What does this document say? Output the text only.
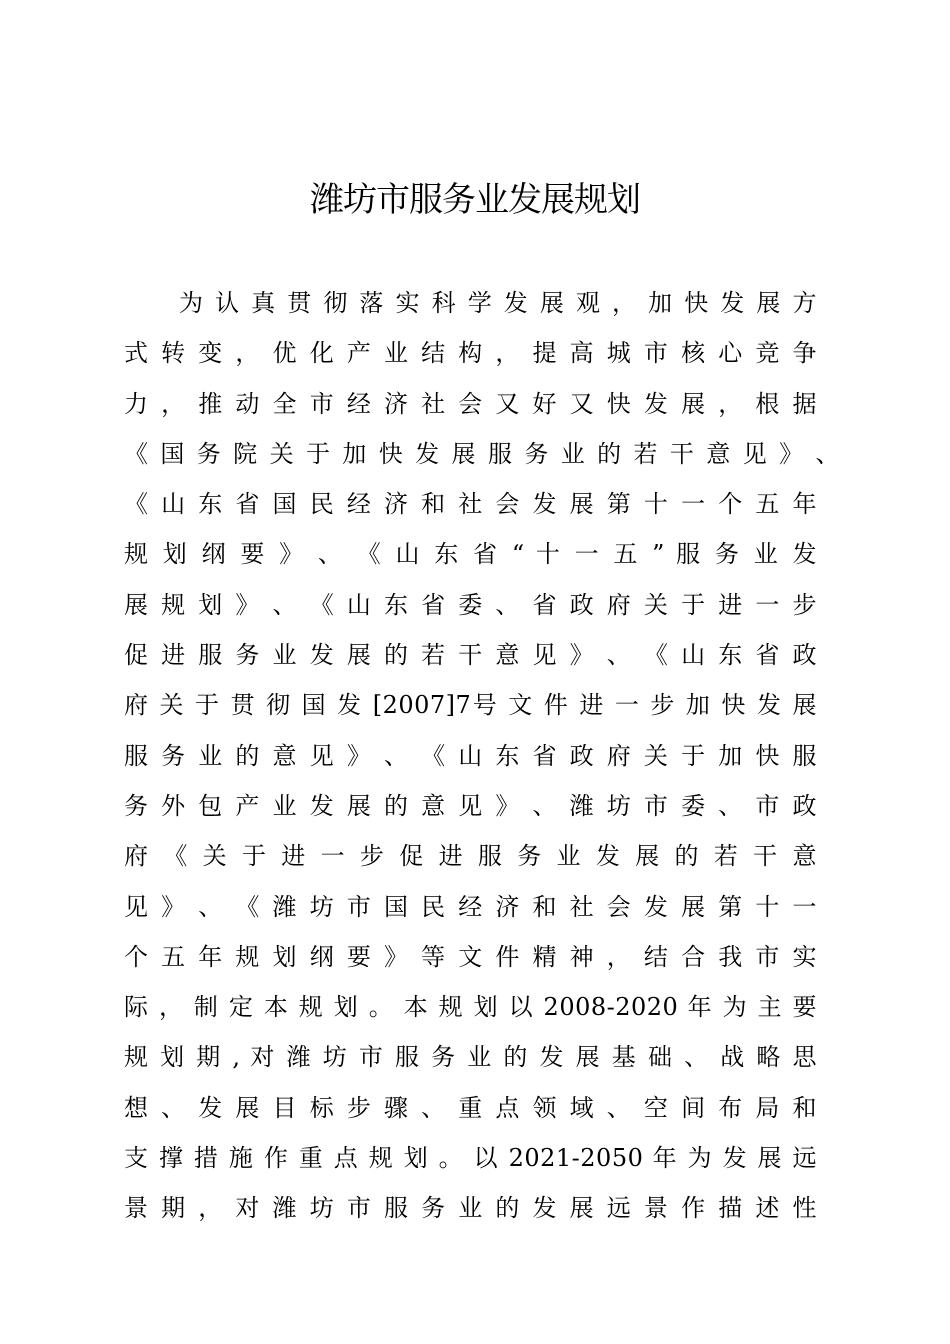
潍坊市服务业发展规划
为 认 真 贯 彻 落 实 科 学 发 展 观 ， 加 快 发 展 方
式 转 变 ， 优 化 产 业 结 构 ， 提 高 城 市 核 心 竞 争
力 ， 推 动 全 市 经 济 社 会 又 好 又 快 发 展 ， 根 据
《 国 务 院 关 于 加 快 发 展 服 务 业 的 若 干 意 见 》 、
《 山 东 省 国 民 经 济 和 社 会 发 展 第 十 一 个 五 年
规 划 纲 要 》 、 《 山 东 省 “ 十 一 五 ” 服 务 业 发
展 规 划 》 、 《 山 东 省 委 、 省 政 府 关 于 进 一 步
促 进 服 务 业 发 展 的 若 干 意 见 》 、 《 山 东 省 政
府 关 于 贯 彻 国 发 [2007]7号 文 件 进 一 步 加 快 发 展
服 务 业 的 意 见 》 、 《 山 东 省 政 府 关 于 加 快 服
务 外 包 产 业 发 展 的 意 见 》 、 潍 坊 市 委 、 市 政
府 《 关 于 进 一 步 促 进 服 务 业 发 展 的 若 干 意
见 》 、 《 潍 坊 市 国 民 经 济 和 社 会 发 展 第 十 一
个 五 年 规 划 纲 要 》 等 文 件 精 神 ， 结 合 我 市 实
际 ， 制 定 本 规 划 。 本 规 划 以 2008-2020 年 为 主 要
规 划 期 , 对 潍 坊 市 服 务 业 的 发 展 基 础 、 战 略 思
想 、 发 展 目 标 步 骤 、 重 点 领 域 、 空 间 布 局 和
支 撑 措 施 作 重 点 规 划 。 以 2021-2050 年 为 发 展 远
景 期 ， 对 潍 坊 市 服 务 业 的 发 展 远 景 作 描 述 性
